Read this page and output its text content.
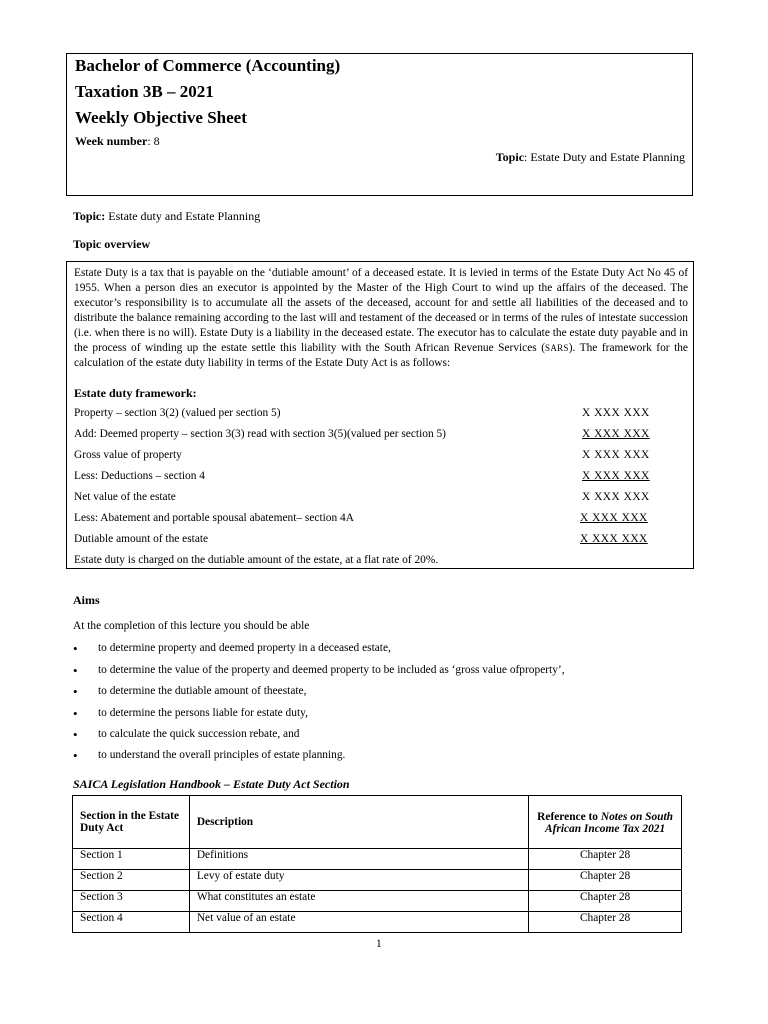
Bachelor of Commerce (Accounting)
Taxation 3B – 2021
Weekly Objective Sheet
Week number: 8
Topic: Estate Duty and Estate Planning
Topic: Estate duty and Estate Planning
Topic overview
Estate Duty is a tax that is payable on the ‘dutiable amount’ of a deceased estate. It is levied in terms of the Estate Duty Act No 45 of 1955. When a person dies an executor is appointed by the Master of the High Court to wind up the affairs of the deceased. The executor’s responsibility is to accumulate all the assets of the deceased, account for and settle all liabilities of the deceased and to distribute the balance remaining according to the last will and testament of the deceased or in terms of the rules of intestate succession (i.e. when there is no will). Estate Duty is a liability in the deceased estate. The executor has to calculate the estate duty payable and in the process of winding up the estate settle this liability with the South African Revenue Services (SARS). The framework for the calculation of the estate duty liability in terms of the Estate Duty Act is as follows:
Estate duty framework:
Property – section 3(2) (valued per section 5)	X XXX XXX
Add: Deemed property – section 3(3) read with section 3(5)(valued per section 5)	X XXX XXX
Gross value of property	X XXX XXX
Less: Deductions – section 4	X XXX XXX
Net value of the estate	X XXX XXX
Less: Abatement and portable spousal abatement– section 4A	X XXX XXX
Dutiable amount of the estate	X XXX XXX
Estate duty is charged on the dutiable amount of the estate, at a flat rate of 20%.
Aims
At the completion of this lecture you should be able
• to determine property and deemed property in a deceased estate,
• to determine the value of the property and deemed property to be included as ‘gross value ofproperty’,
• to determine the dutiable amount of theestate,
• to determine the persons liable for estate duty,
• to calculate the quick succession rebate, and
• to understand the overall principles of estate planning.
SAICA Legislation Handbook – Estate Duty Act Section
Section in the Estate Duty Act	Description	Reference to Notes on South African Income Tax 2021
Section 1	Definitions	Chapter 28
Section 2	Levy of estate duty	Chapter 28
Section 3	What constitutes an estate	Chapter 28
Section 4	Net value of an estate	Chapter 28
1
